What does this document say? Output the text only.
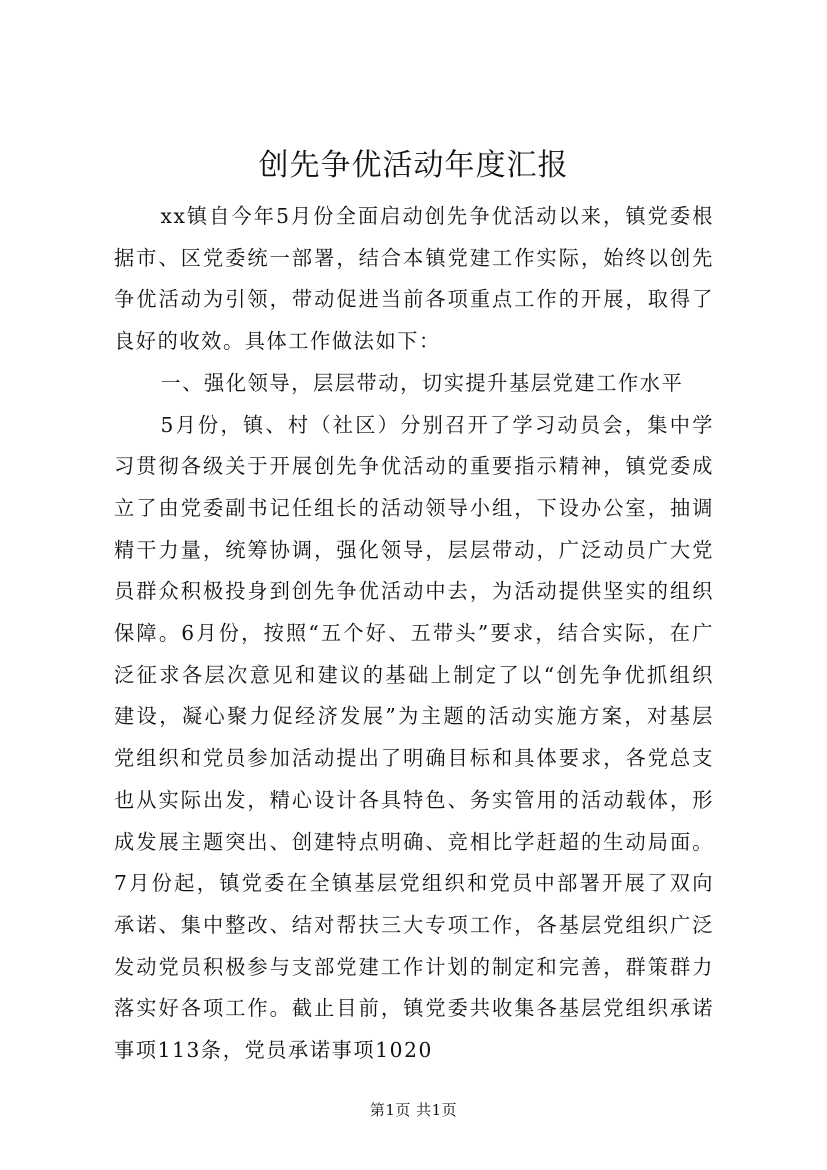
创先争优活动年度汇报

xx镇自今年5月份全面启动创先争优活动以来，镇党委根据市、区党委统一部署，结合本镇党建工作实际，始终以创先争优活动为引领，带动促进当前各项重点工作的开展，取得了良好的收效。具体工作做法如下：

一、强化领导，层层带动，切实提升基层党建工作水平

5月份，镇、村（社区）分别召开了学习动员会，集中学习贯彻各级关于开展创先争优活动的重要指示精神，镇党委成立了由党委副书记任组长的活动领导小组，下设办公室，抽调精干力量，统筹协调，强化领导，层层带动，广泛动员广大党员群众积极投身到创先争优活动中去，为活动提供坚实的组织保障。6月份，按照“五个好、五带头”要求，结合实际，在广泛征求各层次意见和建议的基础上制定了以“创先争优抓组织建设，凝心聚力促经济发展”为主题的活动实施方案，对基层党组织和党员参加活动提出了明确目标和具体要求，各党总支也从实际出发，精心设计各具特色、务实管用的活动载体，形成发展主题突出、创建特点明确、竞相比学赶超的生动局面。7月份起，镇党委在全镇基层党组织和党员中部署开展了双向承诺、集中整改、结对帮扶三大专项工作，各基层党组织广泛发动党员积极参与支部党建工作计划的制定和完善，群策群力落实好各项工作。截止目前，镇党委共收集各基层党组织承诺事项113条，党员承诺事项1020

第1页 共1页
